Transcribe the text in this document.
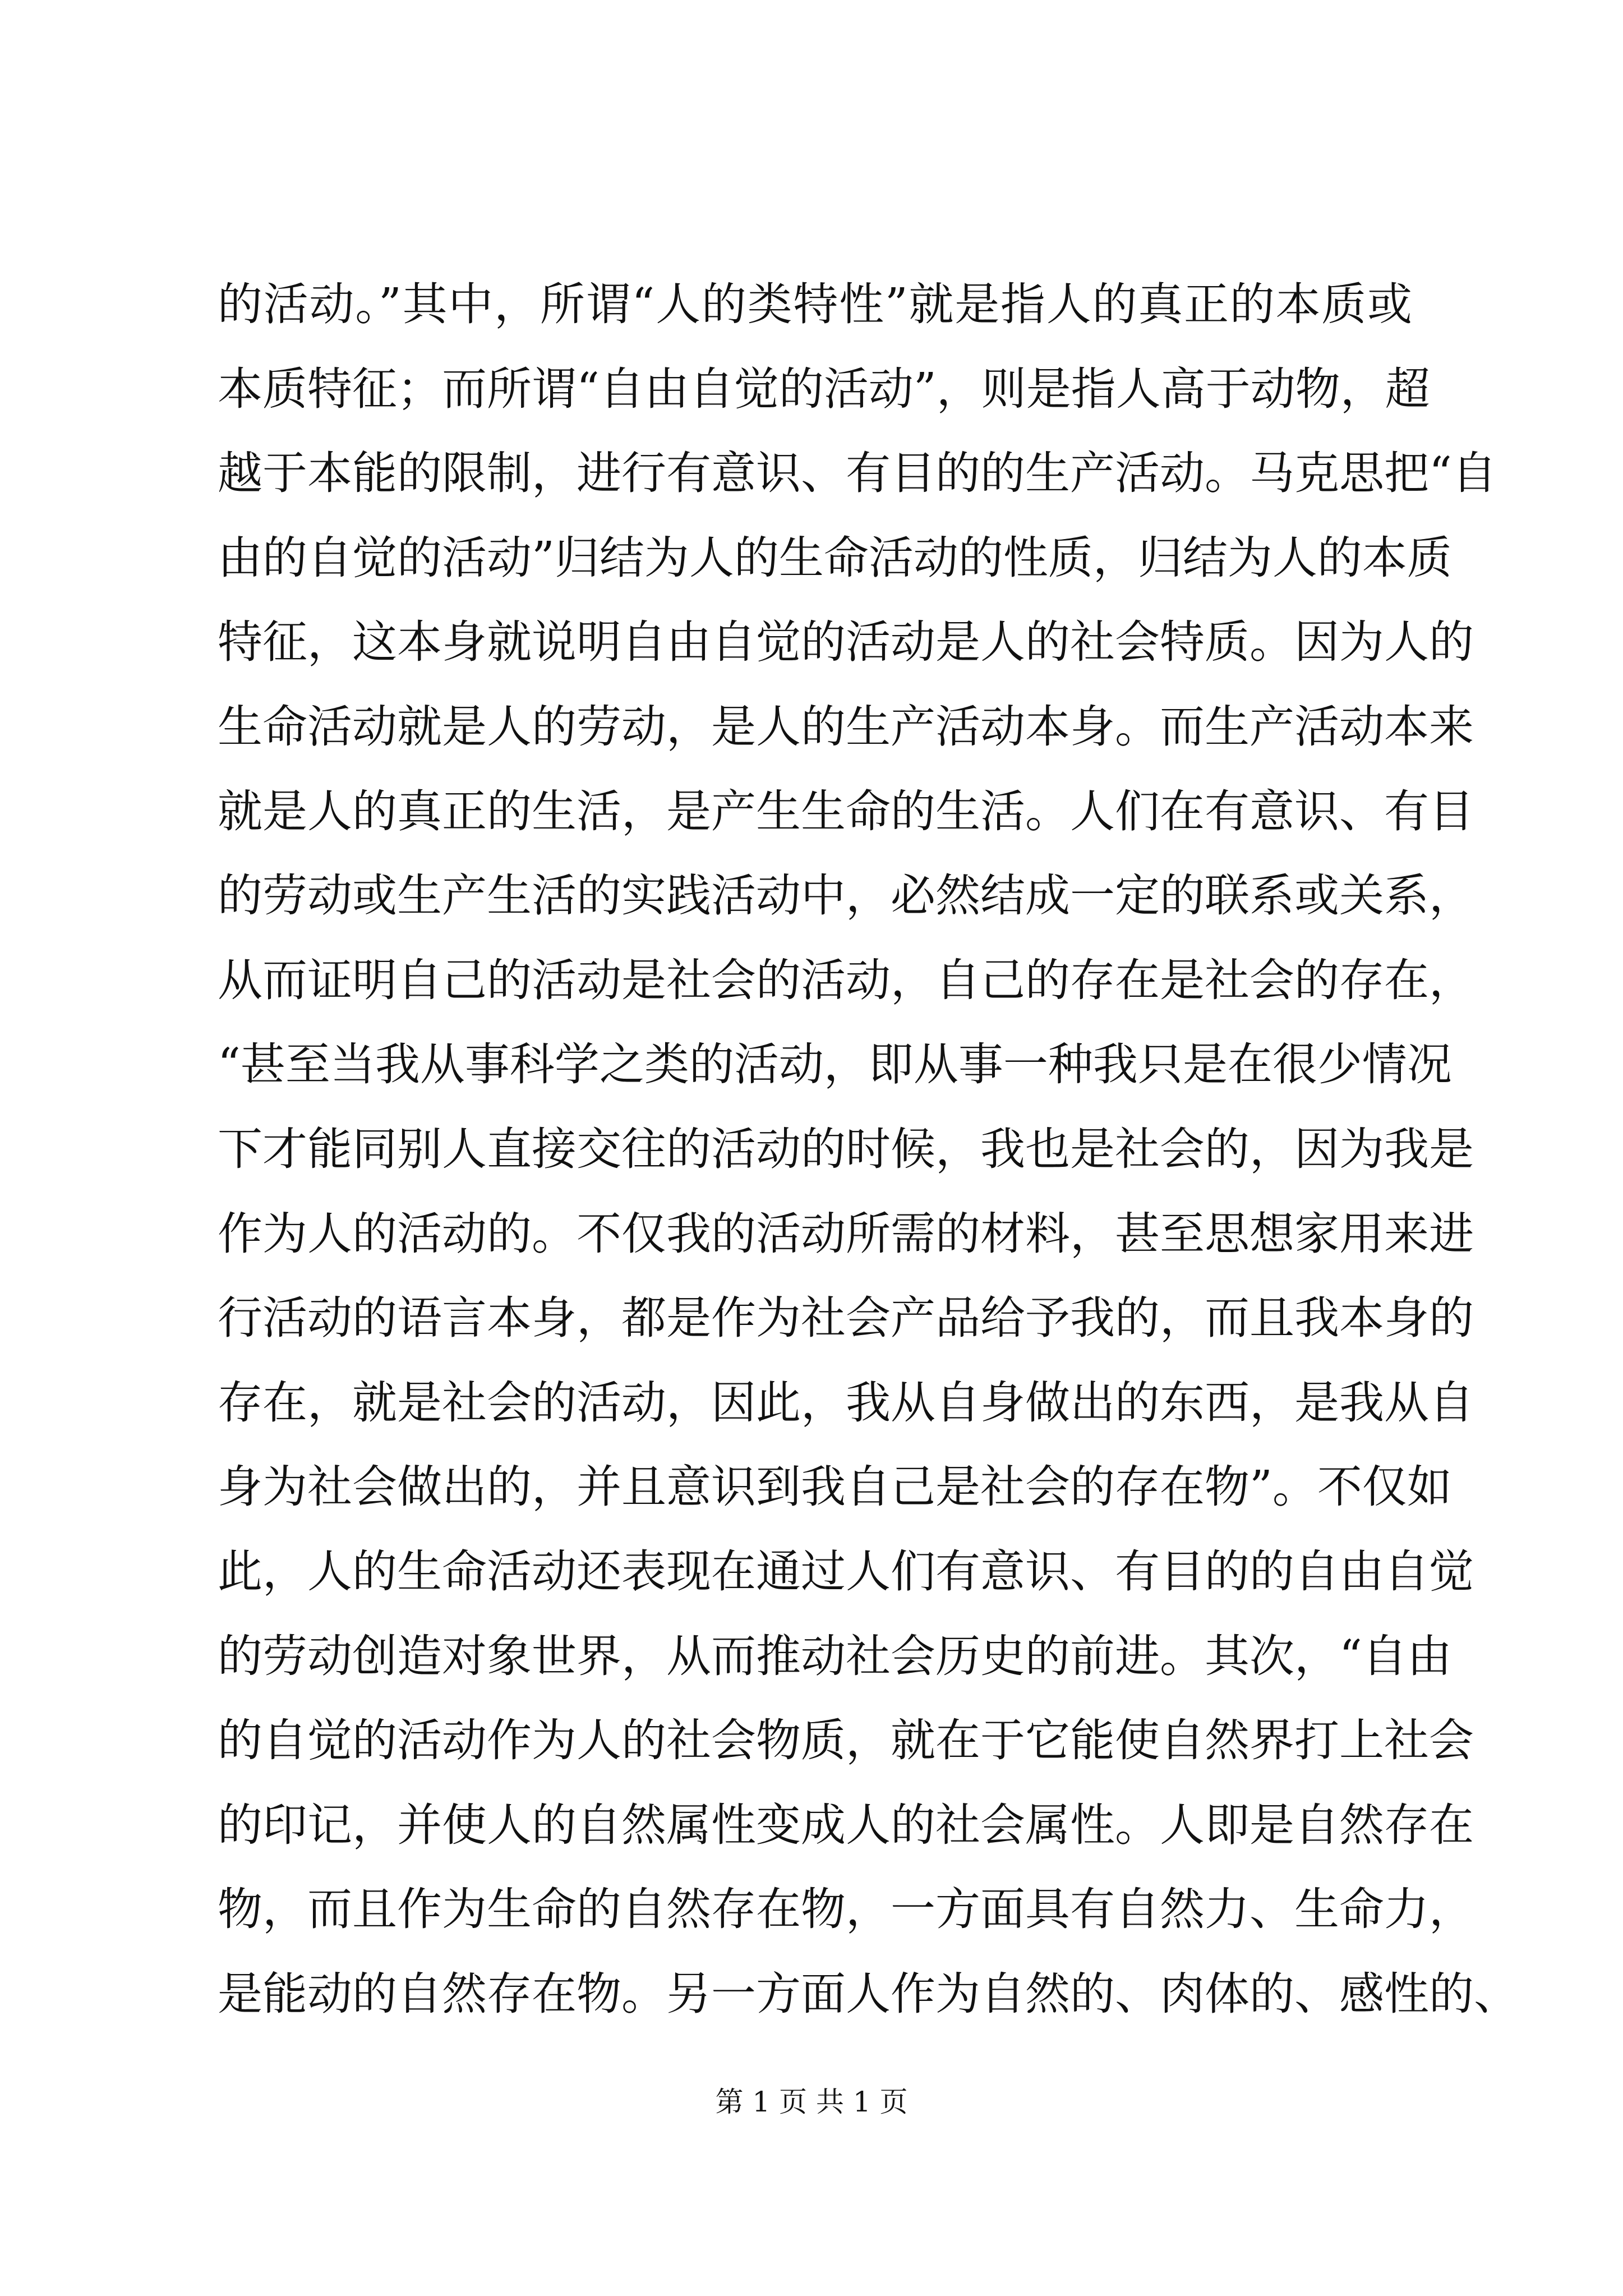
的活动。”其中，所谓“人的类特性”就是指人的真正的本质或
本质特征；而所谓“自由自觉的活动”，则是指人高于动物，超
越于本能的限制，进行有意识、有目的的生产活动。马克思把“自
由的自觉的活动”归结为人的生命活动的性质，归结为人的本质
特征，这本身就说明自由自觉的活动是人的社会特质。因为人的
生命活动就是人的劳动，是人的生产活动本身。而生产活动本来
就是人的真正的生活，是产生生命的生活。人们在有意识、有目
的劳动或生产生活的实践活动中，必然结成一定的联系或关系，
从而证明自己的活动是社会的活动，自己的存在是社会的存在，
“甚至当我从事科学之类的活动，即从事一种我只是在很少情况
下才能同别人直接交往的活动的时候，我也是社会的，因为我是
作为人的活动的。不仅我的活动所需的材料，甚至思想家用来进
行活动的语言本身，都是作为社会产品给予我的，而且我本身的
存在，就是社会的活动，因此，我从自身做出的东西，是我从自
身为社会做出的，并且意识到我自己是社会的存在物”。不仅如
此，人的生命活动还表现在通过人们有意识、有目的的自由自觉
的劳动创造对象世界，从而推动社会历史的前进。其次，“自由
的自觉的活动作为人的社会物质，就在于它能使自然界打上社会
的印记，并使人的自然属性变成人的社会属性。人即是自然存在
物，而且作为生命的自然存在物，一方面具有自然力、生命力，
是能动的自然存在物。另一方面人作为自然的、肉体的、感性的、
第 1 页 共 1 页
